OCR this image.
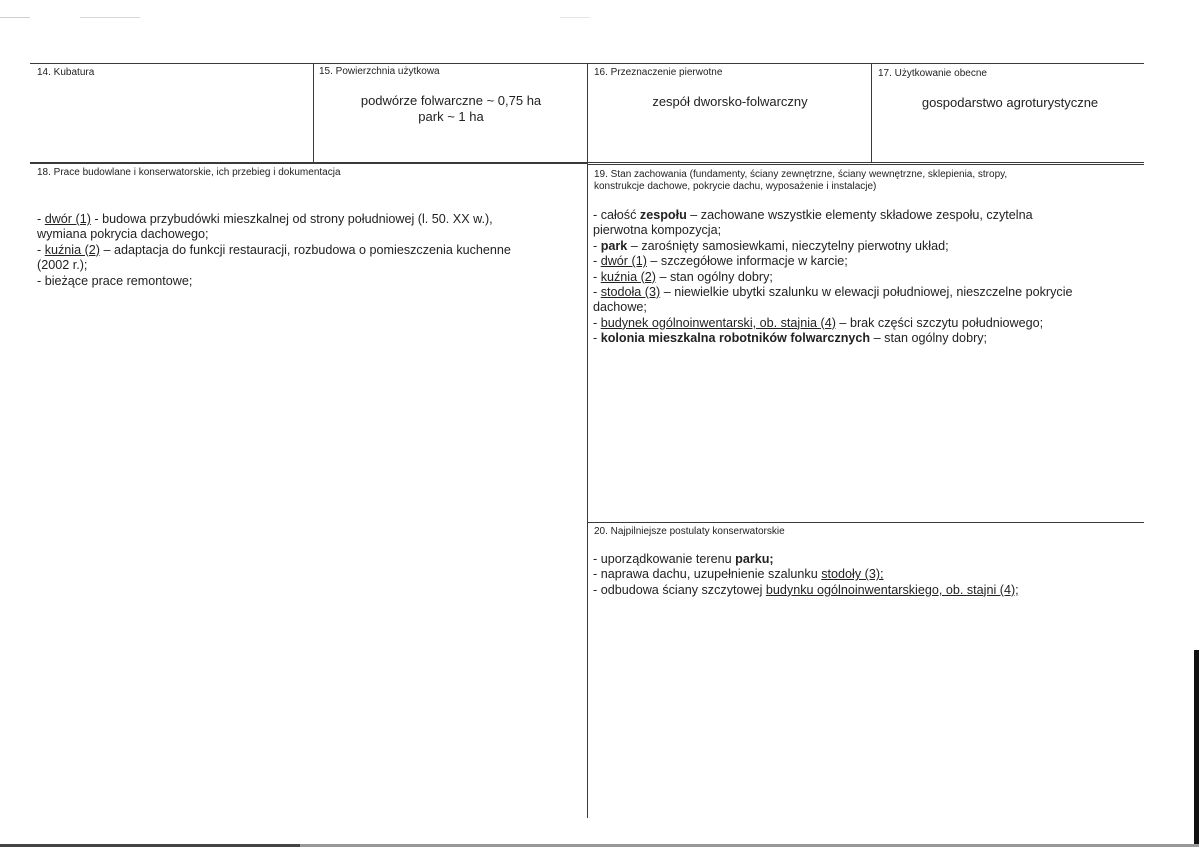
14. Kubatura	15. Powierzchnia użytkowa
podwórze folwarczne ~ 0,75 ha
park ~ 1 ha
16. Przeznaczenie pierwotne
zespół dworsko-folwarczny
17. Użytkowanie obecne
gospodarstwo agroturystyczne
18. Prace budowlane i konserwatorskie, ich przebieg i dokumentacja
- dwór (1) - budowa przybudówki mieszkalnej od strony południowej (l. 50. XX w.),
wymiana pokrycia dachowego;
- kuźnia (2) – adaptacja do funkcji restauracji, rozbudowa o pomieszczenia kuchenne
(2002 r.);
- bieżące prace remontowe;
19. Stan zachowania (fundamenty, ściany zewnętrzne, ściany wewnętrzne, sklepienia, stropy,
konstrukcje dachowe, pokrycie dachu, wyposażenie i instalacje)
- całość zespołu – zachowane wszystkie elementy składowe zespołu, czytelna
pierwotna kompozycja;
- park – zarośnięty samosiewkami, nieczytelny pierwotny układ;
- dwór (1) – szczegółowe informacje w karcie;
- kuźnia (2) – stan ogólny dobry;
- stodoła (3) – niewielkie ubytki szalunku w elewacji południowej, nieszczelne pokrycie
dachowe;
- budynek ogólnoinwentarski, ob. stajnia (4) – brak części szczytu południowego;
- kolonia mieszkalna robotników folwarcznych – stan ogólny dobry;
20. Najpilniejsze postulaty konserwatorskie
- uporządkowanie terenu parku;
- naprawa dachu, uzupełnienie szalunku stodoły (3);
- odbudowa ściany szczytowej budynku ogólnoinwentarskiego, ob. stajni (4);
